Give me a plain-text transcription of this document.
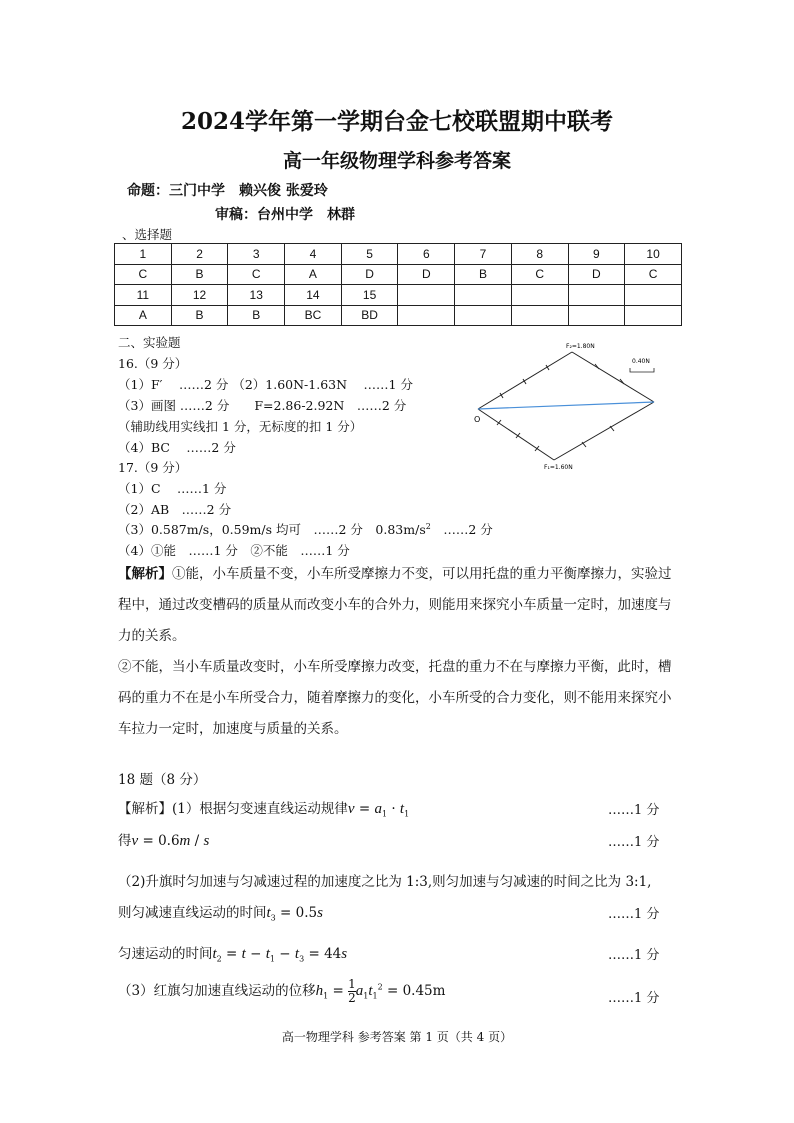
2024学年第一学期台金七校联盟期中联考
高一年级物理学科参考答案
命题：三门中学　赖兴俊 张爱玲
审稿：台州中学　林群
、选择题
1	2	3	4	5	6	7	8	9	10
C	B	C	A	D	D	B	C	D	C
11	12	13	14	15					
A	B	B	BC	BD					
二、实验题
16.（9 分）
（1）F′　 ……2 分 （2）1.60N-1.63N　 ……1 分
（3）画图 ……2 分　　F=2.86-2.92N　……2 分
（辅助线用实线扣 1 分，无标度的扣 1 分）
（4）BC　 ……2 分
F₂=1.80N
F₁=1.60N
0.40N
O
17.（9 分）
（1）C　 ……1 分
（2）AB　……2 分
（3）0.587m/s，0.59m/s 均可　……2 分　$0.83m/s^2$　……2 分
（4）①能　……1 分　②不能　……1 分
【解析】①能，小车质量不变，小车所受摩擦力不变，可以用托盘的重力平衡摩擦力，实验过程中，通过改变槽码的质量从而改变小车的合外力，则能用来探究小车质量一定时，加速度与力的关系。
②不能，当小车质量改变时，小车所受摩擦力改变，托盘的重力不在与摩擦力平衡，此时，槽码的重力不在是小车所受合力，随着摩擦力的变化，小车所受的合力变化，则不能用来探究小车拉力一定时，加速度与质量的关系。
18 题（8 分）
【解析】(1）根据匀变速直线运动规律$v = a_1 \cdot t_1$	……1 分
得v = 0.6m / s	……1 分
（2)升旗时匀加速与匀减速过程的加速度之比为 1:3,则匀加速与匀减速的时间之比为 3:1,
则匀减速直线运动的时间$t_3 = 0.5s$	……1 分
匀速运动的时间$t_2 = t - t_1 - t_3 = 44s$	……1 分
（3）红旗匀加速直线运动的位移$h_1 = \frac{1}{2} a_1t_1^2 = 0.45m$	……1 分
高一物理学科 参考答案 第 1 页（共 4 页）
